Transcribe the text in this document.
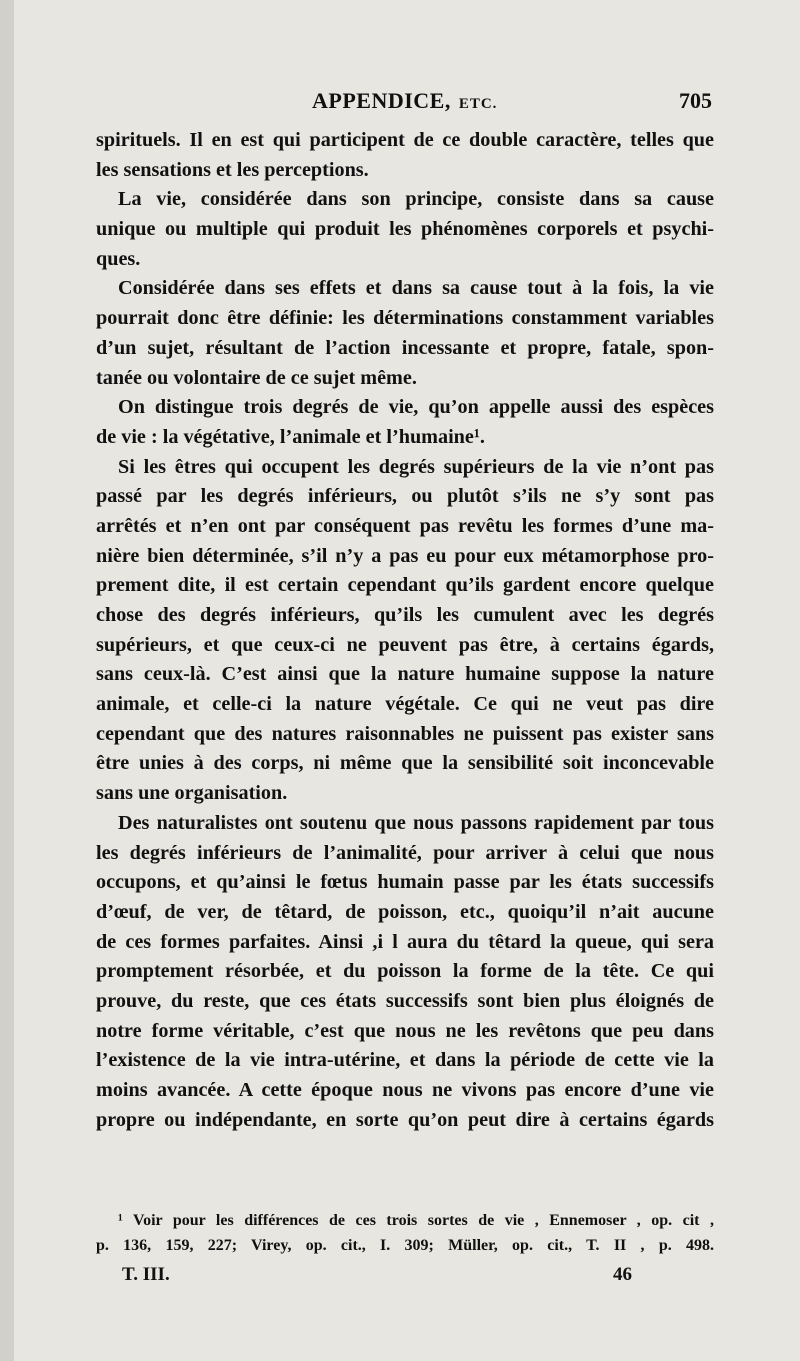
APPENDICE, ETC.	705
spirituels. Il en est qui participent de ce double caractère, telles que
les sensations et les perceptions.
La vie, considérée dans son principe, consiste dans sa cause
unique ou multiple qui produit les phénomènes corporels et psychi-
ques.
Considérée dans ses effets et dans sa cause tout à la fois, la vie
pourrait donc être définie: les déterminations constamment variables
d’un sujet, résultant de l’action incessante et propre, fatale, spon-
tanée ou volontaire de ce sujet même.
On distingue trois degrés de vie, qu’on appelle aussi des espèces
de vie : la végétative, l’animale et l’humaine¹.
Si les êtres qui occupent les degrés supérieurs de la vie n’ont pas
passé par les degrés inférieurs, ou plutôt s’ils ne s’y sont pas
arrêtés et n’en ont par conséquent pas revêtu les formes d’une ma-
nière bien déterminée, s’il n’y a pas eu pour eux métamorphose pro-
prement dite, il est certain cependant qu’ils gardent encore quelque
chose des degrés inférieurs, qu’ils les cumulent avec les degrés
supérieurs, et que ceux-ci ne peuvent pas être, à certains égards,
sans ceux-là. C’est ainsi que la nature humaine suppose la nature
animale, et celle-ci la nature végétale. Ce qui ne veut pas dire
cependant que des natures raisonnables ne puissent pas exister sans
être unies à des corps, ni même que la sensibilité soit inconcevable
sans une organisation.
Des naturalistes ont soutenu que nous passons rapidement par tous
les degrés inférieurs de l’animalité, pour arriver à celui que nous
occupons, et qu’ainsi le fœtus humain passe par les états successifs
d’œuf, de ver, de têtard, de poisson, etc., quoiqu’il n’ait aucune
de ces formes parfaites. Ainsi ,i l aura du têtard la queue, qui sera
promptement résorbée, et du poisson la forme de la tête. Ce qui
prouve, du reste, que ces états successifs sont bien plus éloignés de
notre forme véritable, c’est que nous ne les revêtons que peu dans
l’existence de la vie intra-utérine, et dans la période de cette vie la
moins avancée. A cette époque nous ne vivons pas encore d’une vie
propre ou indépendante, en sorte qu’on peut dire à certains égards
¹ Voir pour les différences de ces trois sortes de vie , Ennemoser , op. cit ,
p. 136, 159, 227; Virey, op. cit., I. 309; Müller, op. cit., T. II , p. 498.
T. III.	46
